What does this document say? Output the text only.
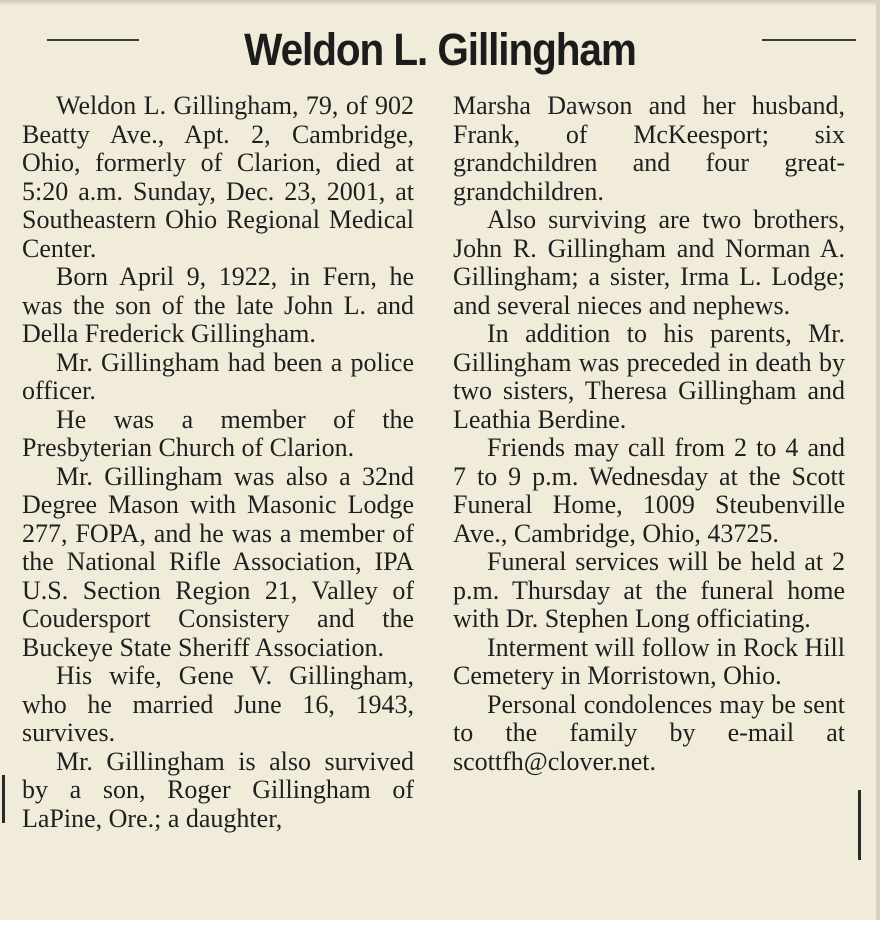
Weldon L. Gillingham

Weldon L. Gillingham, 79, of 902 Beatty Ave., Apt. 2, Cambridge, Ohio, formerly of Clarion, died at 5:20 a.m. Sunday, Dec. 23, 2001, at Southeastern Ohio Regional Medical Center.

Born April 9, 1922, in Fern, he was the son of the late John L. and Della Frederick Gillingham.

Mr. Gillingham had been a police officer.

He was a member of the Presbyterian Church of Clarion.

Mr. Gillingham was also a 32nd Degree Mason with Masonic Lodge 277, FOPA, and he was a member of the National Rifle Association, IPA U.S. Section Region 21, Valley of Coudersport Consistery and the Buckeye State Sheriff Association.

His wife, Gene V. Gillingham, who he married June 16, 1943, survives.

Mr. Gillingham is also survived by a son, Roger Gillingham of LaPine, Ore.; a daughter,

Marsha Dawson and her husband, Frank, of McKeesport; six grandchildren and four great-grandchildren.

Also surviving are two brothers, John R. Gillingham and Norman A. Gillingham; a sister, Irma L. Lodge; and several nieces and nephews.

In addition to his parents, Mr. Gillingham was preceded in death by two sisters, Theresa Gillingham and Leathia Berdine.

Friends may call from 2 to 4 and 7 to 9 p.m. Wednesday at the Scott Funeral Home, 1009 Steubenville Ave., Cambridge, Ohio, 43725.

Funeral services will be held at 2 p.m. Thursday at the funeral home with Dr. Stephen Long officiating.

Interment will follow in Rock Hill Cemetery in Morristown, Ohio.

Personal condolences may be sent to the family by e-mail at scottfh@clover.net.
